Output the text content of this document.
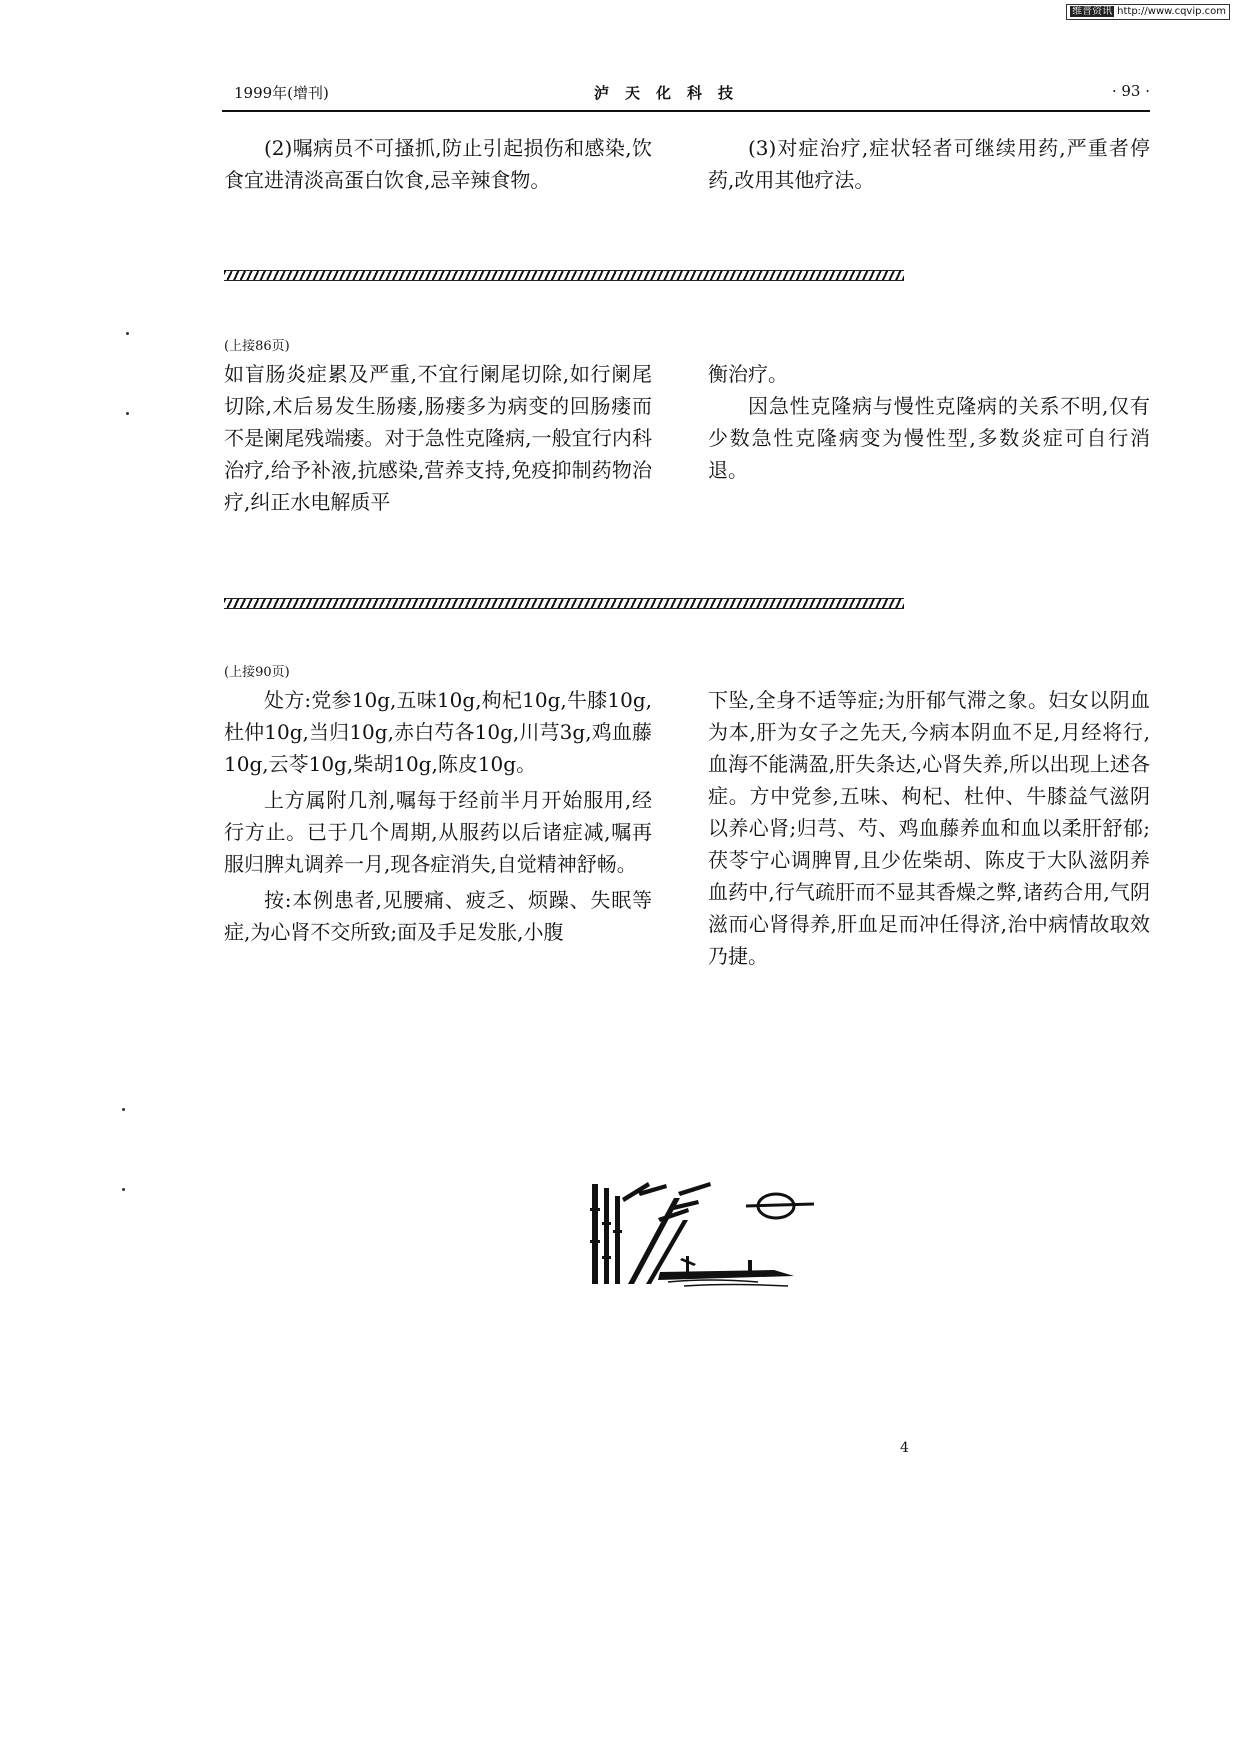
维普资讯 http://www.cqvip.com
1999年(增刊)	泸天化科技	· 93 ·

(2)嘱病员不可搔抓,防止引起损伤和感染,饮食宜进清淡高蛋白饮食,忌辛辣食物。

(3)对症治疗,症状轻者可继续用药,严重者停药,改用其他疗法。

(上接86页)

如盲肠炎症累及严重,不宜行阑尾切除,如行阑尾切除,术后易发生肠瘘,肠瘘多为病变的回肠瘘而不是阑尾残端瘘。对于急性克隆病,一般宜行内科治疗,给予补液,抗感染,营养支持,免疫抑制药物治疗,纠正水电解质平

衡治疗。

因急性克隆病与慢性克隆病的关系不明,仅有少数急性克隆病变为慢性型,多数炎症可自行消退。

(上接90页)

处方:党参10g,五味10g,枸杞10g,牛膝10g,杜仲10g,当归10g,赤白芍各10g,川芎3g,鸡血藤10g,云苓10g,柴胡10g,陈皮10g。

上方属附几剂,嘱每于经前半月开始服用,经行方止。已于几个周期,从服药以后诸症减,嘱再服归脾丸调养一月,现各症消失,自觉精神舒畅。

按:本例患者,见腰痛、疲乏、烦躁、失眠等症,为心肾不交所致;面及手足发胀,小腹

下坠,全身不适等症;为肝郁气滞之象。妇女以阴血为本,肝为女子之先天,今病本阴血不足,月经将行,血海不能满盈,肝失条达,心肾失养,所以出现上述各症。方中党参,五味、枸杞、杜仲、牛膝益气滋阴以养心肾;归芎、芍、鸡血藤养血和血以柔肝舒郁;茯苓宁心调脾胃,且少佐柴胡、陈皮于大队滋阴养血药中,行气疏肝而不显其香燥之弊,诸药合用,气阴滋而心肾得养,肝血足而冲任得济,治中病情故取效乃捷。

4
